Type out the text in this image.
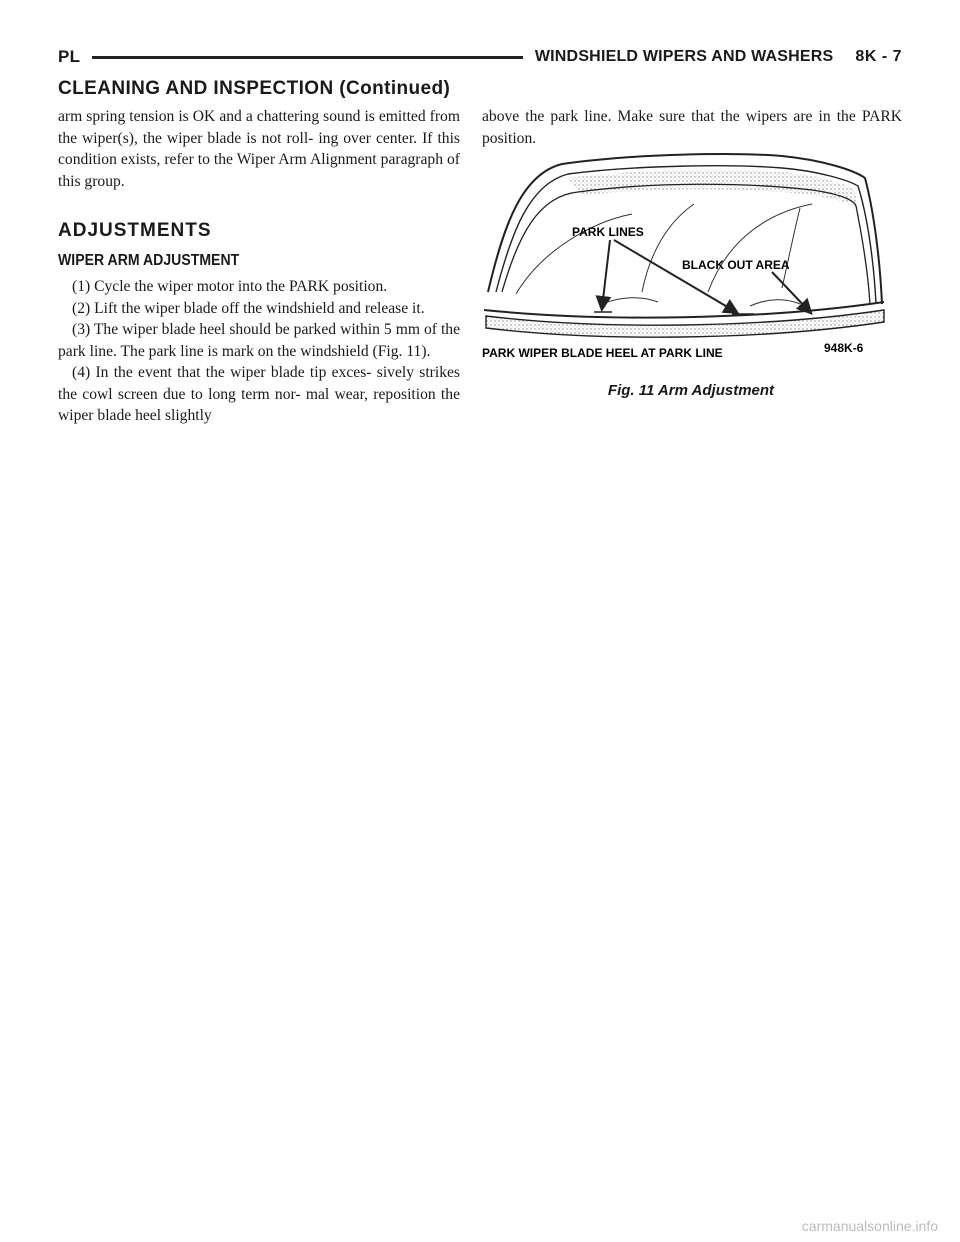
PL	WINDSHIELD WIPERS AND WASHERS 8K - 7
CLEANING AND INSPECTION (Continued)

arm spring tension is OK and a chattering sound is emitted from the wiper(s), the wiper blade is not roll- ing over center. If this condition exists, refer to the Wiper Arm Alignment paragraph of this group.

ADJUSTMENTS
WIPER ARM ADJUSTMENT

(1) Cycle the wiper motor into the PARK position.

(2) Lift the wiper blade off the windshield and release it.

(3) The wiper blade heel should be parked within 5 mm of the park line. The park line is mark on the windshield (Fig. 11).

(4) In the event that the wiper blade tip exces- sively strikes the cowl screen due to long term nor- mal wear, reposition the wiper blade heel slightly

above the park line. Make sure that the wipers are in the PARK position.

PARK LINES
BLACK OUT AREA
PARK WIPER BLADE HEEL AT PARK LINE	948K-6
Fig. 11 Arm Adjustment
carmanualsonline.info
